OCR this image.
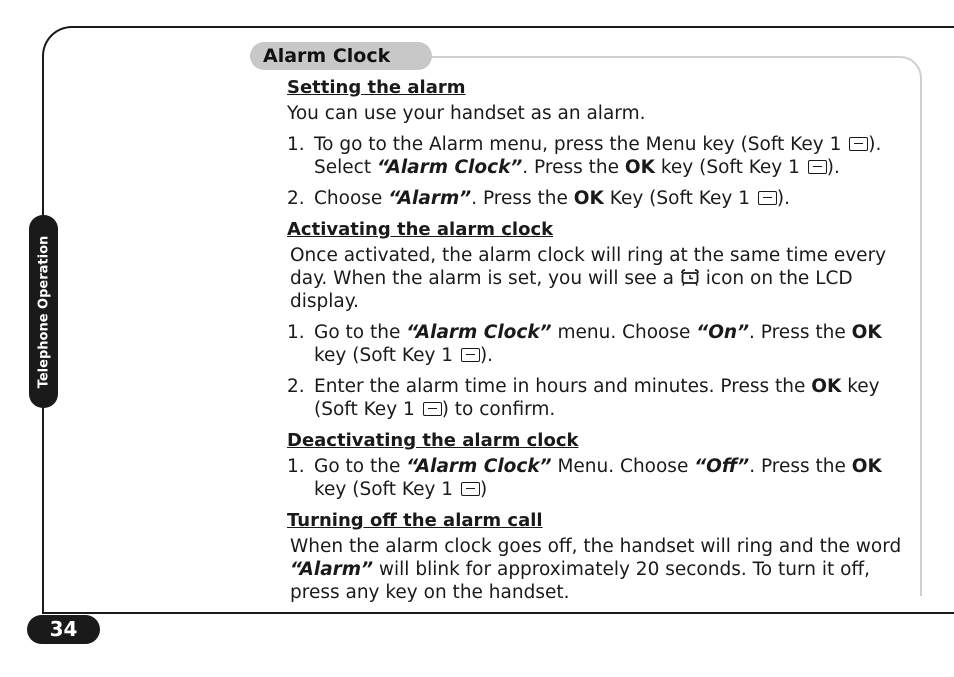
Alarm Clock
Telephone Operation
34
Setting the alarm
You can use your handset as an alarm.
1. To go to the Alarm menu, press the Menu key (Soft Key 1 ).
Select “Alarm Clock”. Press the OK key (Soft Key 1 ).
2. Choose “Alarm”. Press the OK Key (Soft Key 1 ).
Activating the alarm clock
Once activated, the alarm clock will ring at the same time every
day. When the alarm is set, you will see a icon on the LCD
display.
1. Go to the “Alarm Clock” menu. Choose “On”. Press the OK
key (Soft Key 1 ).
2. Enter the alarm time in hours and minutes. Press the OK key
(Soft Key 1 ) to confirm.
Deactivating the alarm clock
1. Go to the “Alarm Clock” Menu. Choose “Off”. Press the OK
key (Soft Key 1 )
Turning off the alarm call
When the alarm clock goes off, the handset will ring and the word
“Alarm” will blink for approximately 20 seconds. To turn it off,
press any key on the handset.
